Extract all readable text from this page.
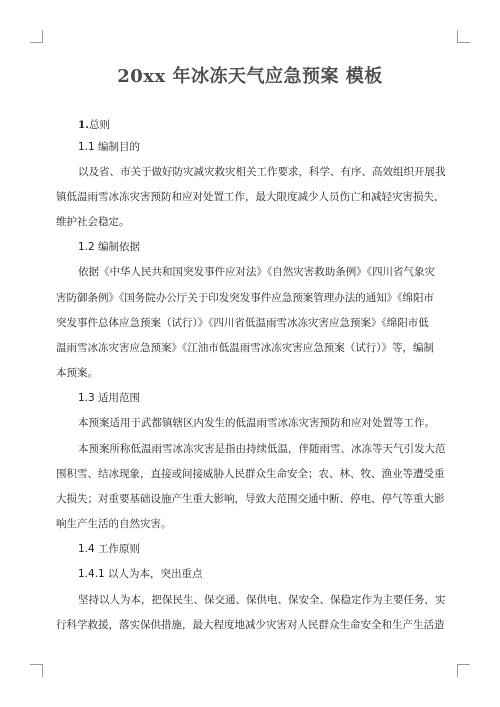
20xx 年冰冻天气应急预案 模板
1.总则
1.1 编制目的
以及省、市关于做好防灾减灾救灾相关工作要求，科学、有序、高效组织开展我
镇低温雨雪冰冻灾害预防和应对处置工作，最大限度减少人员伤亡和减轻灾害损失，
维护社会稳定。
1.2 编制依据
依据《中华人民共和国突发事件应对法》《自然灾害救助条例》《四川省气象灾
害防御条例》《国务院办公厅关于印发突发事件应急预案管理办法的通知》《绵阳市
突发事件总体应急预案（试行）》《四川省低温雨雪冰冻灾害应急预案》《绵阳市低
温雨雪冰冻灾害应急预案》《江油市低温雨雪冰冻灾害应急预案（试行）》等，编制
本预案。
1.3 适用范围
本预案适用于武都镇辖区内发生的低温雨雪冰冻灾害预防和应对处置等工作。
本预案所称低温雨雪冰冻灾害是指由持续低温，伴随雨雪、冰冻等天气引发大范
围积雪、结冰现象，直接或间接威胁人民群众生命安全；农、林、牧、渔业等遭受重
大损失；对重要基础设施产生重大影响，导致大范围交通中断、停电、停气等重大影
响生产生活的自然灾害。
1.4 工作原则
1.4.1 以人为本，突出重点
坚持以人为本，把保民生、保交通、保供电、保安全、保稳定作为主要任务，实
行科学救援，落实保供措施，最大程度地减少灾害对人民群众生命安全和生产生活造
